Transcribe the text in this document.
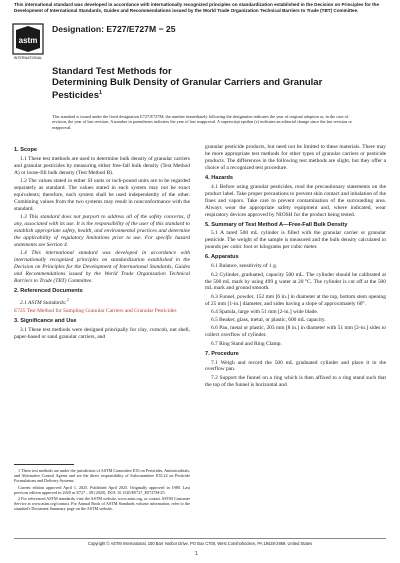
This international standard was developed in accordance with internationally recognized principles on standardization established in the Decision on Principles for the Development of International Standards, Guides and Recommendations issued by the World Trade Organization Technical Barriers to Trade (TBT) Committee.
astm
INTERNATIONAL
Designation: E727/E727M − 25
Standard Test Methods for
Determining Bulk Density of Granular Carriers and Granular Pesticides$^1$
This standard is issued under the fixed designation E727/E727M; the number immediately following the designation indicates the year of original adoption or, in the case of revision, the year of last revision. A number in parentheses indicates the year of last reapproval. A superscript epsilon (ε) indicates an editorial change since the last revision or reapproval.

1. Scope

1.1 These test methods are used to determine bulk density of granular carriers and granular pesticides by measuring either free-fall bulk density (Test Method A) or loose-fill bulk density (Test Method B).

1.2 The values stated in either SI units or inch-pound units are to be regarded separately as standard. The values stated in each system may not be exact equivalents; therefore, each system shall be used independently of the other. Combining values from the two systems may result in nonconformance with the standard.

1.3 This standard does not purport to address all of the safety concerns, if any, associated with its use. It is the responsibility of the user of this standard to establish appropriate safety, health, and environmental practices and determine the applicability of regulatory limitations prior to use. For specific hazard statements see Section 4.

1.4 This international standard was developed in accordance with internationally recognized principles on standardization established in the Decision on Principles for the Development of International Standards, Guides and Recommendations issued by the World Trade Organization Technical Barriers to Trade (TBT) Committee.

2. Referenced Documents

2.1 ASTM Standards:$^2$

E725 Test Method for Sampling Granular Carriers and Granular Pesticides

3. Significance and Use

3.1 These test methods were designed principally for clay, corncob, nut shell, paper-based or sand granular carriers, and

1 These test methods are under the jurisdiction of ASTM Committee E35 on Pesticides, Antimicrobials, and Alternative Control Agents and are the direct responsibility of Subcommittee E35.22 on Pesticide Formulations and Delivery Systems.

Current edition approved April 1, 2025. Published April 2025. Originally approved in 1980. Last previous edition approved in 2020 as E727 – 08 (2020). DOI: 10.1520/E0727_E0727M-25.

2 For referenced ASTM standards, visit the ASTM website, www.astm.org, or contact ASTM Customer Service at www.astm.org/contact. For Annual Book of ASTM Standards volume information, refer to the standard's Document Summary page on the ASTM website.

granular pesticide products, but need not be limited to these materials. There may be more appropriate test methods for other types of granular carriers or pesticide products. The differences in the following test methods are slight, but they offer a choice of a recognized test procedure.

4. Hazards

4.1 Before using granular pesticides, read the precautionary statements on the product label. Take proper precautions to prevent skin contact and inhalation of the fines and vapors. Take care to prevent contamination of the surrounding area. Always wear the appropriate safety equipment and, where indicated, wear respiratory devices approved by NIOSH for the product being tested.

5. Summary of Test Method A—Free-Fall Bulk Density

5.1 A tared 500 mL cylinder is filled with the granular carrier or granular pesticide. The weight of the sample is measured and the bulk density calculated in pounds per cubic foot or kilograms per cubic meter.

6. Apparatus

6.1 Balance, sensitivity of 1 g.

6.2 Cylinder, graduated, capacity 500 mL. The cylinder should be calibrated at the 500 mL mark by using 499 g water at 20 °C. The cylinder is cut off at the 500 mL mark and ground smooth.

6.3 Funnel, powder, 152 mm [6 in.] in diameter at the top, bottom stem opening of 25 mm [1-in.] diameter, and sides having a slope of approximately 60°.

6.4 Spatula, large with 51 mm [2-in.] wide blade.

6.5 Beaker, glass, metal, or plastic, 600 mL capacity.

6.6 Pan, metal or plastic, 203 mm [8 in.] in diameter with 51 mm [2-in.] sides to collect overflow of cylinder.

6.7 Ring Stand and Ring Clamp.

7. Procedure

7.1 Weigh and record the 500 mL graduated cylinder and place it in the overflow pan.

7.2 Support the funnel on a ring which is then affixed to a ring stand such that the top of the funnel is horizontal and

Copyright © ASTM International, 100 Barr Harbor Drive, PO Box C700, West Conshohocken, PA 19428-2959. United States
1
